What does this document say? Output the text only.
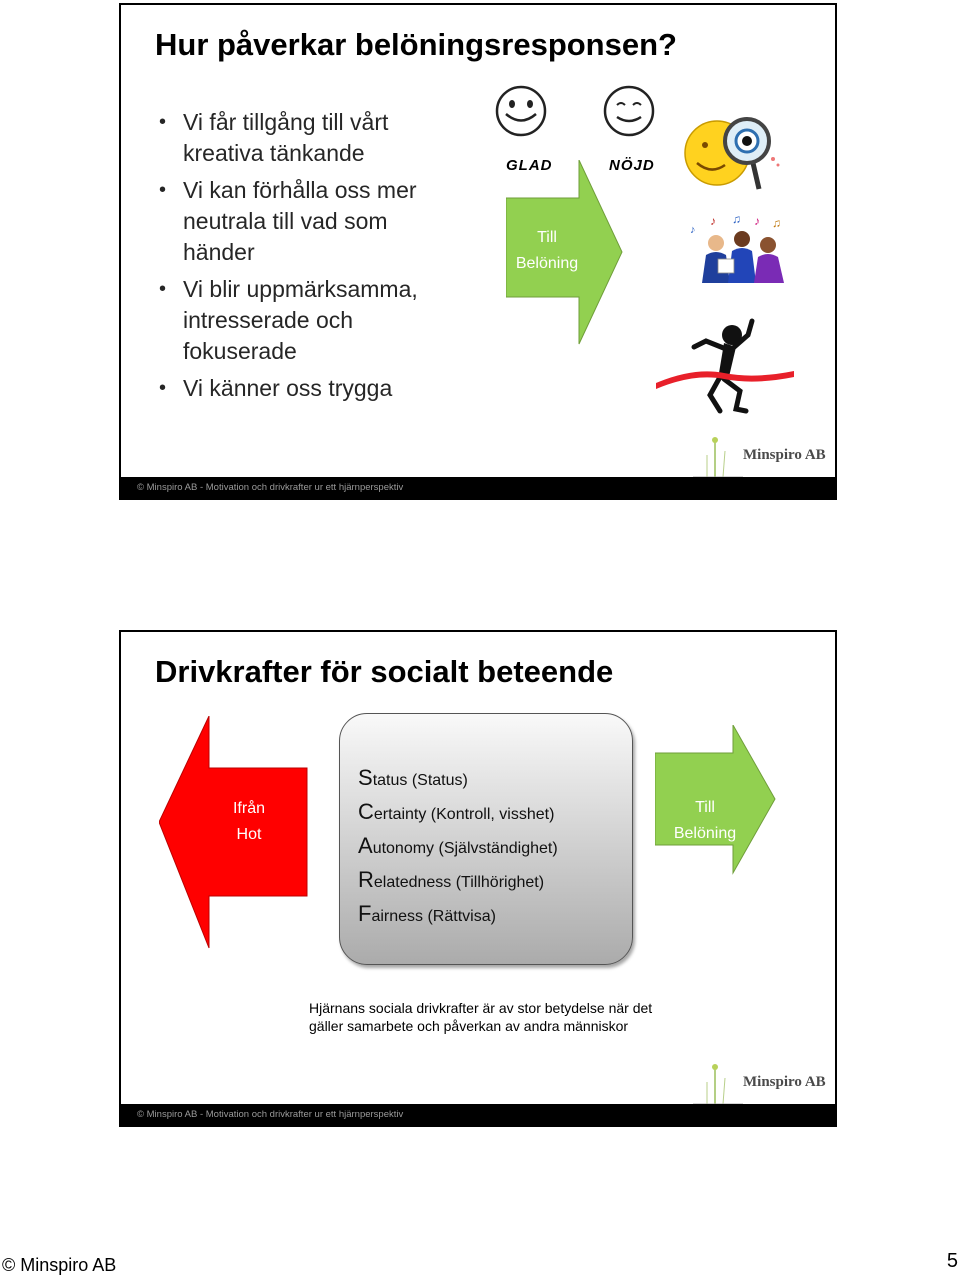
Hur påverkar belöningsresponsen?
• Vi får tillgång till vårt kreativa tänkande
• Vi kan förhålla oss mer neutrala till vad som händer
• Vi blir uppmärksamma, intresserade och fokuserade
• Vi känner oss trygga
Till
Belöning
GLAD	NÖJD
♪ ♫ ♪ ♫
♪
Minspiro AB
© Minspiro AB - Motivation och drivkrafter ur ett hjärnperspektiv
Drivkrafter för socialt beteende
Ifrån
Hot
Status (Status)
Certainty (Kontroll, visshet)
Autonomy (Självständighet)
Relatedness (Tillhörighet)
Fairness (Rättvisa)
Till
Belöning
Hjärnans sociala drivkrafter är av stor betydelse när det gäller samarbete och påverkan av andra människor
Minspiro AB
© Minspiro AB - Motivation och drivkrafter ur ett hjärnperspektiv
© Minspiro AB	5
